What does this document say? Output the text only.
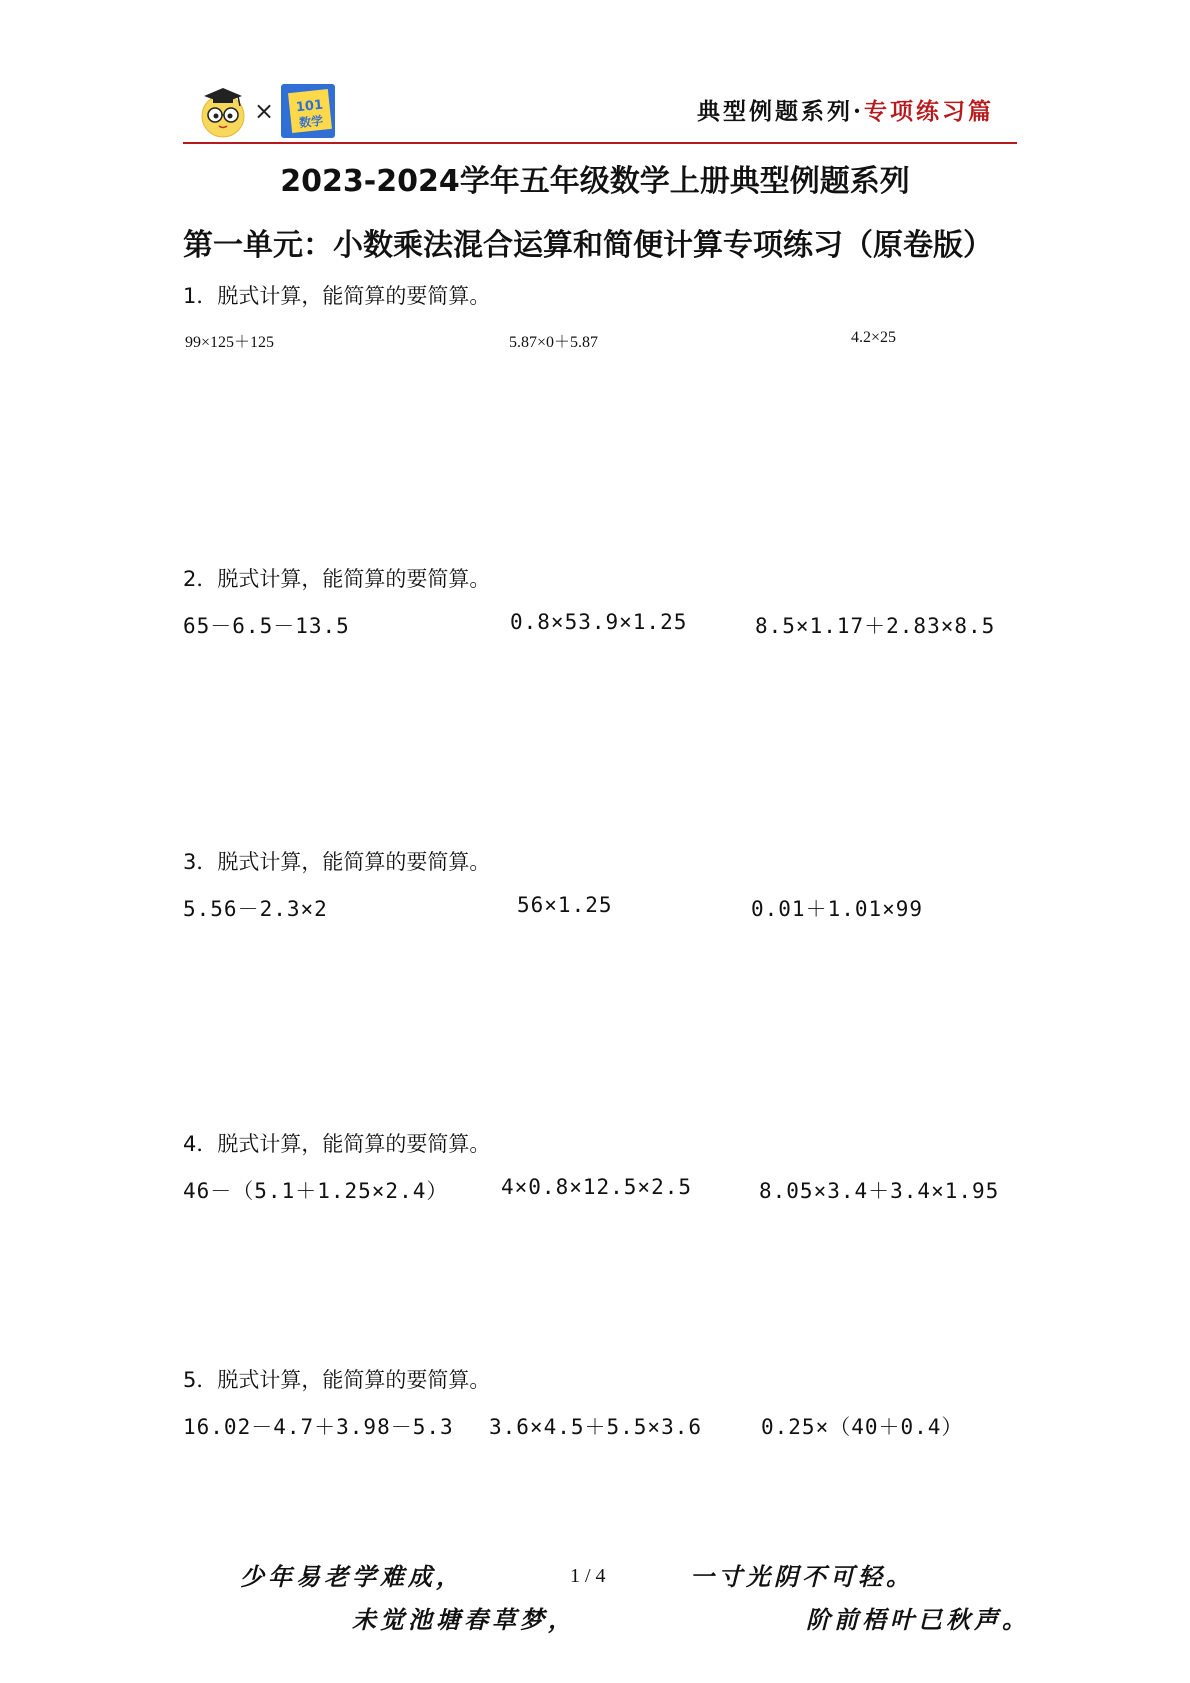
× 101
数学	典型例题系列·专项练习篇
2023-2024学年五年级数学上册典型例题系列
第一单元：小数乘法混合运算和简便计算专项练习（原卷版）
1．脱式计算，能简算的要简算。
99×125＋125	5.87×0＋5.87	4.2×25
2．脱式计算，能简算的要简算。
65－6.5－13.5	0.8×53.9×1.25	8.5×1.17＋2.83×8.5
3．脱式计算，能简算的要简算。
5.56－2.3×2	56×1.25	0.01＋1.01×99
4．脱式计算，能简算的要简算。
46－（5.1＋1.25×2.4）	4×0.8×12.5×2.5	8.05×3.4＋3.4×1.95
5．脱式计算，能简算的要简算。
16.02－4.7＋3.98－5.3 3.6×4.5＋5.5×3.6	0.25×（40＋0.4）
少年易老学难成，	1 / 4	一寸光阴不可轻。
未觉池塘春草梦，	阶前梧叶已秋声。
